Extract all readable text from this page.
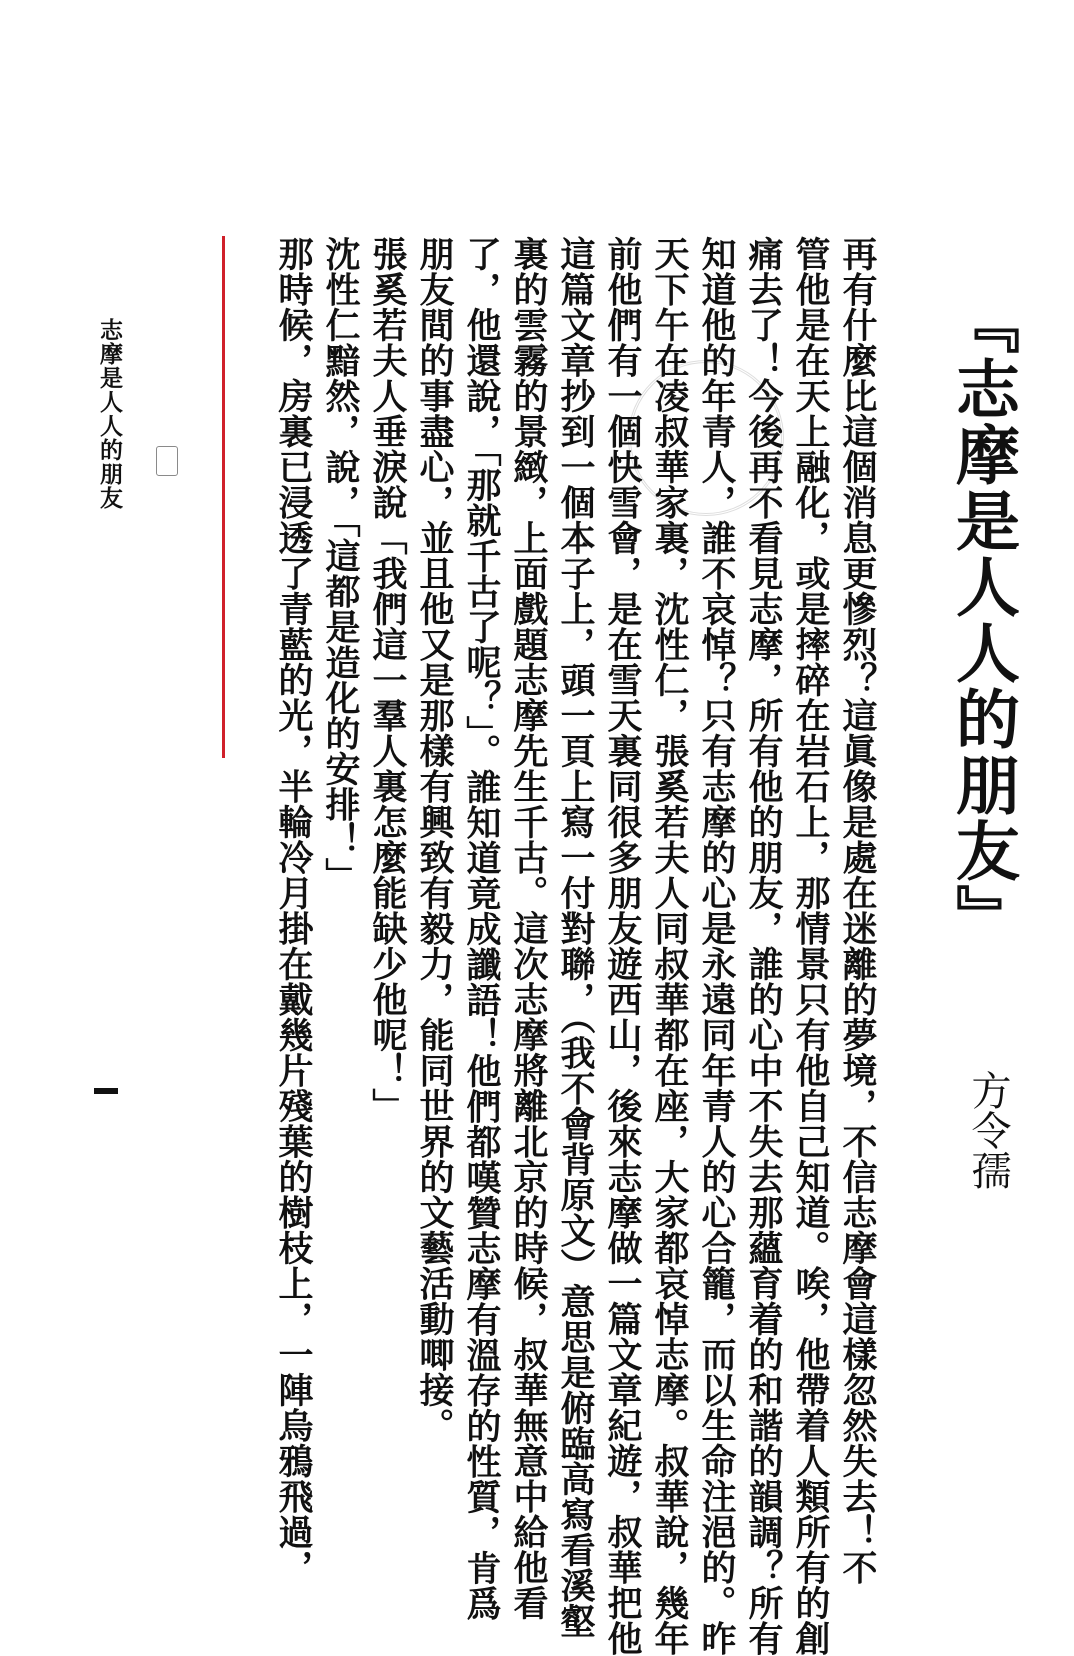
『志摩是人人的朋友』
方令孺
再有什麼比這個消息更慘烈？這眞像是處在迷離的夢境，不信志摩會這樣忽然失去！不
管他是在天上融化，或是摔碎在岩石上，那情景只有他自己知道。唉，他帶着人類所有的創
痛去了！今後再不看見志摩，所有他的朋友，誰的心中不失去那蘊育着的和諧的韻調？所有
知道他的年青人，誰不哀悼？只有志摩的心是永遠同年青人的心合籠，而以生命注浥的。昨
天下午在凌叔華家裏，沈性仁，張奚若夫人同叔華都在座，大家都哀悼志摩。叔華說，幾年
前他們有一個快雪會，是在雪天裏同很多朋友遊西山，後來志摩做一篇文章紀遊，叔華把他
這篇文章抄到一個本子上，頭一頁上寫一付對聯，（我不會背原文）意思是俯臨高寫看溪壑
裏的雲霧的景緻，上面戲題志摩先生千古。這次志摩將離北京的時候，叔華無意中給他看
了，他還說，「那就千古了呢？」。誰知道竟成讖語！他們都嘆贊志摩有溫存的性質，肯爲
朋友間的事盡心，並且他又是那樣有興致有毅力，能同世界的文藝活動唧接。
張奚若夫人垂淚說「我們這一羣人裏怎麼能缺少他呢！」
沈性仁黯然，說，「這都是造化的安排！」
那時候，房裏已浸透了青藍的光，半輪冷月掛在戴幾片殘葉的樹枝上，一陣烏鴉飛過，
志摩是人人的朋友
